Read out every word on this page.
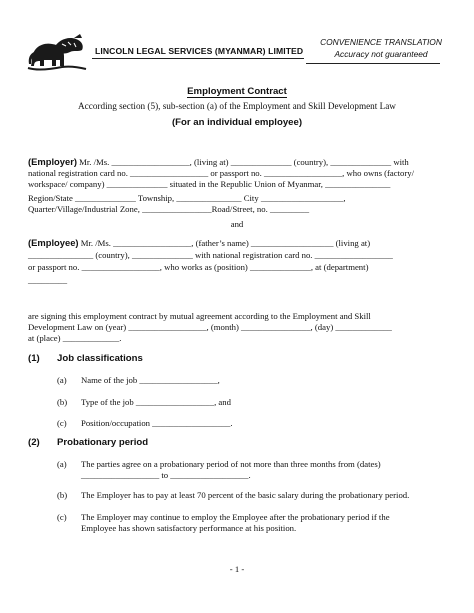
LINCOLN LEGAL SERVICES (MYANMAR) LIMITED
CONVENIENCE TRANSLATION
Accuracy not guaranteed
Employment Contract
According section (5), sub-section (a) of the Employment and Skill Development Law
(For an individual employee)
(Employer) Mr. /Ms. __________________, (living at) ______________ (country), ______________ with
national registration card no. __________________ or passport no. __________________, who owns (factory/
workspace/ company) ______________ situated in the Republic Union of Myanmar, _______________
Region/State ______________ Township, _______________ City ___________________,
Quarter/Village/Industrial Zone, ________________Road/Street, no. _________
and
(Employee) Mr. /Ms. __________________, (father’s name) ___________________ (living at)
_______________ (country), ______________ with national registration card no. __________________
or passport no. __________________, who works as (position) ______________, at (department)
_________
are signing this employment contract by mutual agreement according to the Employment and Skill
Development Law on (year) __________________, (month) ________________, (day) _____________
at (place) _____________.
(1) Job classifications
(a) Name of the job __________________,
(b) Type of the job __________________, and
(c) Position/occupation __________________.
(2) Probationary period
(a) The parties agree on a probationary period of not more than three months from (dates)
__________________ to __________________.
(b) The Employer has to pay at least 70 percent of the basic salary during the probationary period.
(c) The Employer may continue to employ the Employee after the probationary period if the
Employee has shown satisfactory performance at his position.
- 1 -
